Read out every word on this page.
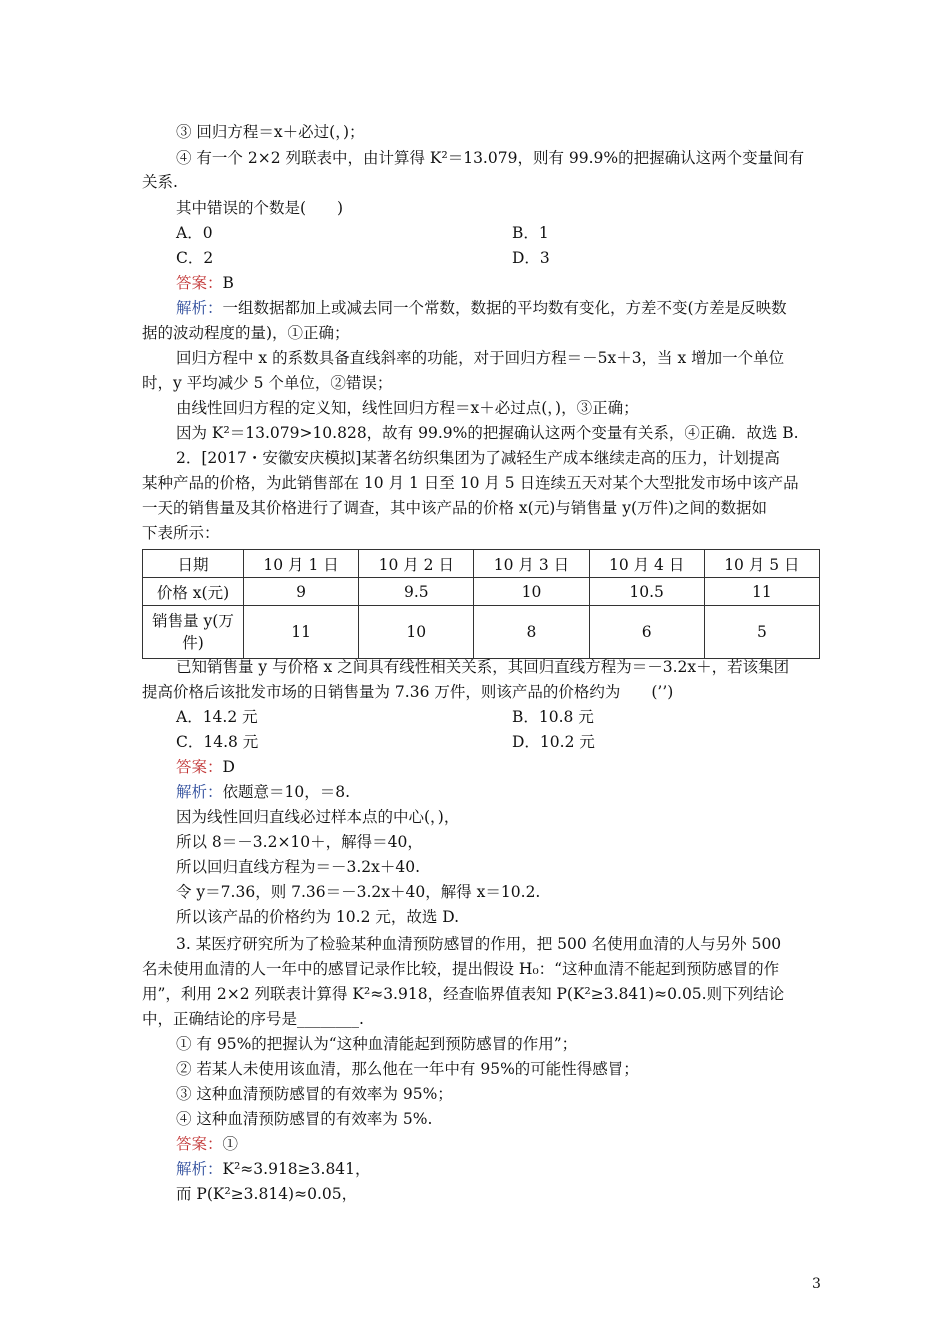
③ 回归方程＝x＋必过(，)；
④ 有一个 2×2 列联表中，由计算得 K²＝13.079，则有 99.9%的把握确认这两个变量间有
关系.
其中错误的个数是(　　)
A．0	B．1
C．2	D．3
答案：B
解析：一组数据都加上或减去同一个常数，数据的平均数有变化，方差不变(方差是反映数
据的波动程度的量)，①正确；
回归方程中 x 的系数具备直线斜率的功能，对于回归方程＝－5x＋3，当 x 增加一个单位
时，y 平均减少 5 个单位，②错误；
由线性回归方程的定义知，线性回归方程＝x＋必过点(，)，③正确；
因为 K²＝13.079>10.828，故有 99.9%的把握确认这两个变量有关系，④正确．故选 B.
2．[2017・安徽安庆模拟]某著名纺织集团为了减轻生产成本继续走高的压力，计划提高
某种产品的价格，为此销售部在 10 月 1 日至 10 月 5 日连续五天对某个大型批发市场中该产品
一天的销售量及其价格进行了调查，其中该产品的价格 x(元)与销售量 y(万件)之间的数据如
下表所示：
日期	10 月 1 日	10 月 2 日	10 月 3 日	10 月 4 日	10 月 5 日
价格 x(元)	9	9.5	10	10.5	11
销售量 y(万
件)	11	10	8	6	5
已知销售量 y 与价格 x 之间具有线性相关关系，其回归直线方程为＝－3.2x＋，若该集团
提高价格后该批发市场的日销售量为 7.36 万件，则该产品的价格约为　　(’’)
A．14.2 元	B．10.8 元
C．14.8 元	D．10.2 元
答案：D
解析：依题意＝10，＝8.
因为线性回归直线必过样本点的中心(，)，
所以 8＝－3.2×10＋，解得＝40，
所以回归直线方程为＝－3.2x＋40.
令 y＝7.36，则 7.36＝－3.2x＋40，解得 x＝10.2.
所以该产品的价格约为 10.2 元，故选 D.
3. 某医疗研究所为了检验某种血清预防感冒的作用，把 500 名使用血清的人与另外 500
名未使用血清的人一年中的感冒记录作比较，提出假设 H₀：“这种血清不能起到预防感冒的作
用”，利用 2×2 列联表计算得 K²≈3.918，经查临界值表知 P(K²≥3.841)≈0.05.则下列结论
中，正确结论的序号是________.
① 有 95%的把握认为“这种血清能起到预防感冒的作用”；
② 若某人未使用该血清，那么他在一年中有 95%的可能性得感冒；
③ 这种血清预防感冒的有效率为 95%；
④ 这种血清预防感冒的有效率为 5%.
答案：①
解析：K²≈3.918≥3.841，
而 P(K²≥3.814)≈0.05，
3
